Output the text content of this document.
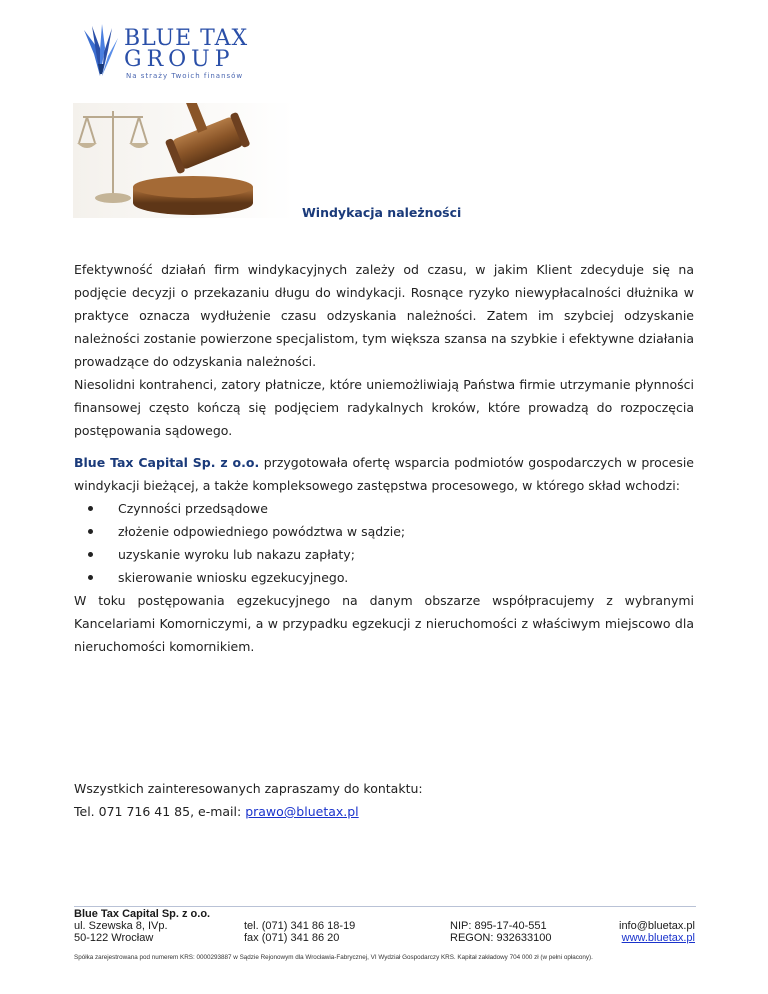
BLUE TAX
GROUP
Na straży Twoich finansów
Windykacja należności

Efektywność działań firm windykacyjnych zależy od czasu, w jakim Klient zdecyduje się na podjęcie decyzji o przekazaniu długu do windykacji. Rosnące ryzyko niewypłacalności dłużnika w praktyce oznacza wydłużenie czasu odzyskania należności. Zatem im szybciej odzyskanie należności zostanie powierzone specjalistom, tym większa szansa na szybkie i efektywne działania prowadzące do odzyskania należności.

Niesolidni kontrahenci, zatory płatnicze, które uniemożliwiają Państwa firmie utrzymanie płynności finansowej często kończą się podjęciem radykalnych kroków, które prowadzą do rozpoczęcia postępowania sądowego.

Blue Tax Capital Sp. z o.o. przygotowała ofertę wsparcia podmiotów gospodarczych w procesie windykacji bieżącej, a także kompleksowego zastępstwa procesowego, w którego skład wchodzi:

Czynności przedsądowe
złożenie odpowiedniego powództwa w sądzie;
uzyskanie wyroku lub nakazu zapłaty;
skierowanie wniosku egzekucyjnego.

W toku postępowania egzekucyjnego na danym obszarze współpracujemy z wybranymi Kancelariami Komorniczymi, a w przypadku egzekucji z nieruchomości z właściwym miejscowo dla nieruchomości komornikiem.

Wszystkich zainteresowanych zapraszamy do kontaktu:
Tel. 071 716 41 85, e-mail: prawo@bluetax.pl
Blue Tax Capital Sp. z o.o.
ul. Szewska 8, IVp.
50-122 Wrocław
tel. (071) 341 86 18-19
fax (071) 341 86 20
NIP: 895-17-40-551
REGON: 932633100
info@bluetax.pl
www.bluetax.pl
Spółka zarejestrowana pod numerem KRS: 0000293887 w Sądzie Rejonowym dla Wrocławia-Fabrycznej, VI Wydział Gospodarczy KRS. Kapitał zakładowy 704 000 zł (w pełni opłacony).
